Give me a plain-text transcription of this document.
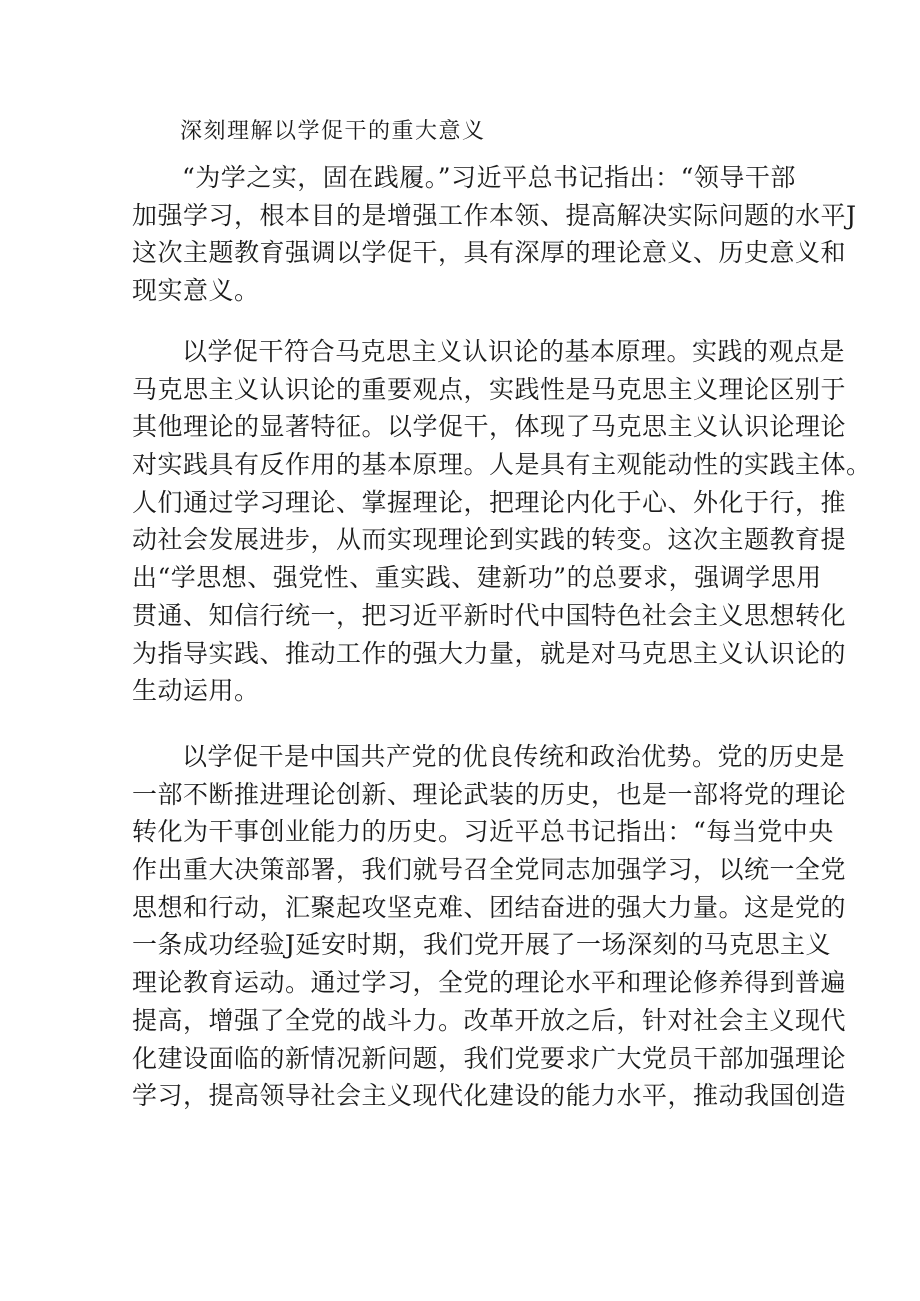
深刻理解以学促干的重大意义
“为学之实，固在践履。”习近平总书记指出：“领导干部
加强学习，根本目的是增强工作本领、提高解决实际问题的水平J
这次主题教育强调以学促干，具有深厚的理论意义、历史意义和
现实意义。
以学促干符合马克思主义认识论的基本原理。实践的观点是
马克思主义认识论的重要观点，实践性是马克思主义理论区别于
其他理论的显著特征。以学促干，体现了马克思主义认识论理论
对实践具有反作用的基本原理。人是具有主观能动性的实践主体。
人们通过学习理论、掌握理论，把理论内化于心、外化于行，推
动社会发展进步，从而实现理论到实践的转变。这次主题教育提
出“学思想、强党性、重实践、建新功”的总要求，强调学思用
贯通、知信行统一，把习近平新时代中国特色社会主义思想转化
为指导实践、推动工作的强大力量，就是对马克思主义认识论的
生动运用。
以学促干是中国共产党的优良传统和政治优势。党的历史是
一部不断推进理论创新、理论武装的历史，也是一部将党的理论
转化为干事创业能力的历史。习近平总书记指出：“每当党中央
作出重大决策部署，我们就号召全党同志加强学习，以统一全党
思想和行动，汇聚起攻坚克难、团结奋进的强大力量。这是党的
一条成功经验J延安时期，我们党开展了一场深刻的马克思主义
理论教育运动。通过学习，全党的理论水平和理论修养得到普遍
提高，增强了全党的战斗力。改革开放之后，针对社会主义现代
化建设面临的新情况新问题，我们党要求广大党员干部加强理论
学习，提高领导社会主义现代化建设的能力水平，推动我国创造
